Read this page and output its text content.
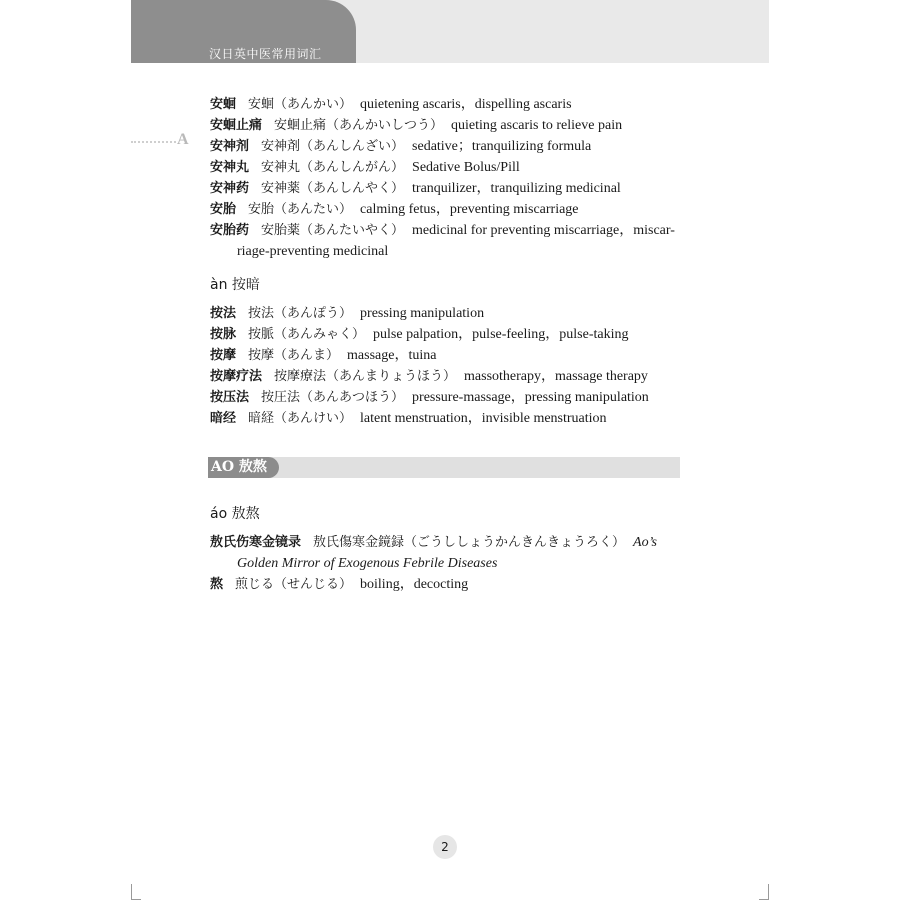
汉日英中医常用词汇
A
安蛔 安蛔（あんかい） quietening ascaris，dispelling ascaris
安蛔止痛 安蛔止痛（あんかいしつう） quieting ascaris to relieve pain
安神剂 安神剤（あんしんざい） sedative；tranquilizing formula
安神丸 安神丸（あんしんがん） Sedative Bolus/Pill
安神药 安神薬（あんしんやく） tranquilizer，tranquilizing medicinal
安胎 安胎（あんたい） calming fetus，preventing miscarriage
安胎药 安胎薬（あんたいやく） medicinal for preventing miscarriage，miscar-
riage-preventing medicinal
àn 按暗
按法 按法（あんぽう） pressing manipulation
按脉 按脈（あんみゃく） pulse palpation，pulse-feeling，pulse-taking
按摩 按摩（あんま） massage，tuina
按摩疗法 按摩療法（あんまりょうほう） massotherapy，massage therapy
按压法 按圧法（あんあつほう） pressure-massage，pressing manipulation
暗经 暗経（あんけい） latent menstruation，invisible menstruation
AO 敖熬
áo 敖熬
敖氏伤寒金镜录 敖氏傷寒金鏡録（ごうししょうかんきんきょうろく） Ao’s
Golden Mirror of Exogenous Febrile Diseases
熬 煎じる（せんじる） boiling，decocting
2
